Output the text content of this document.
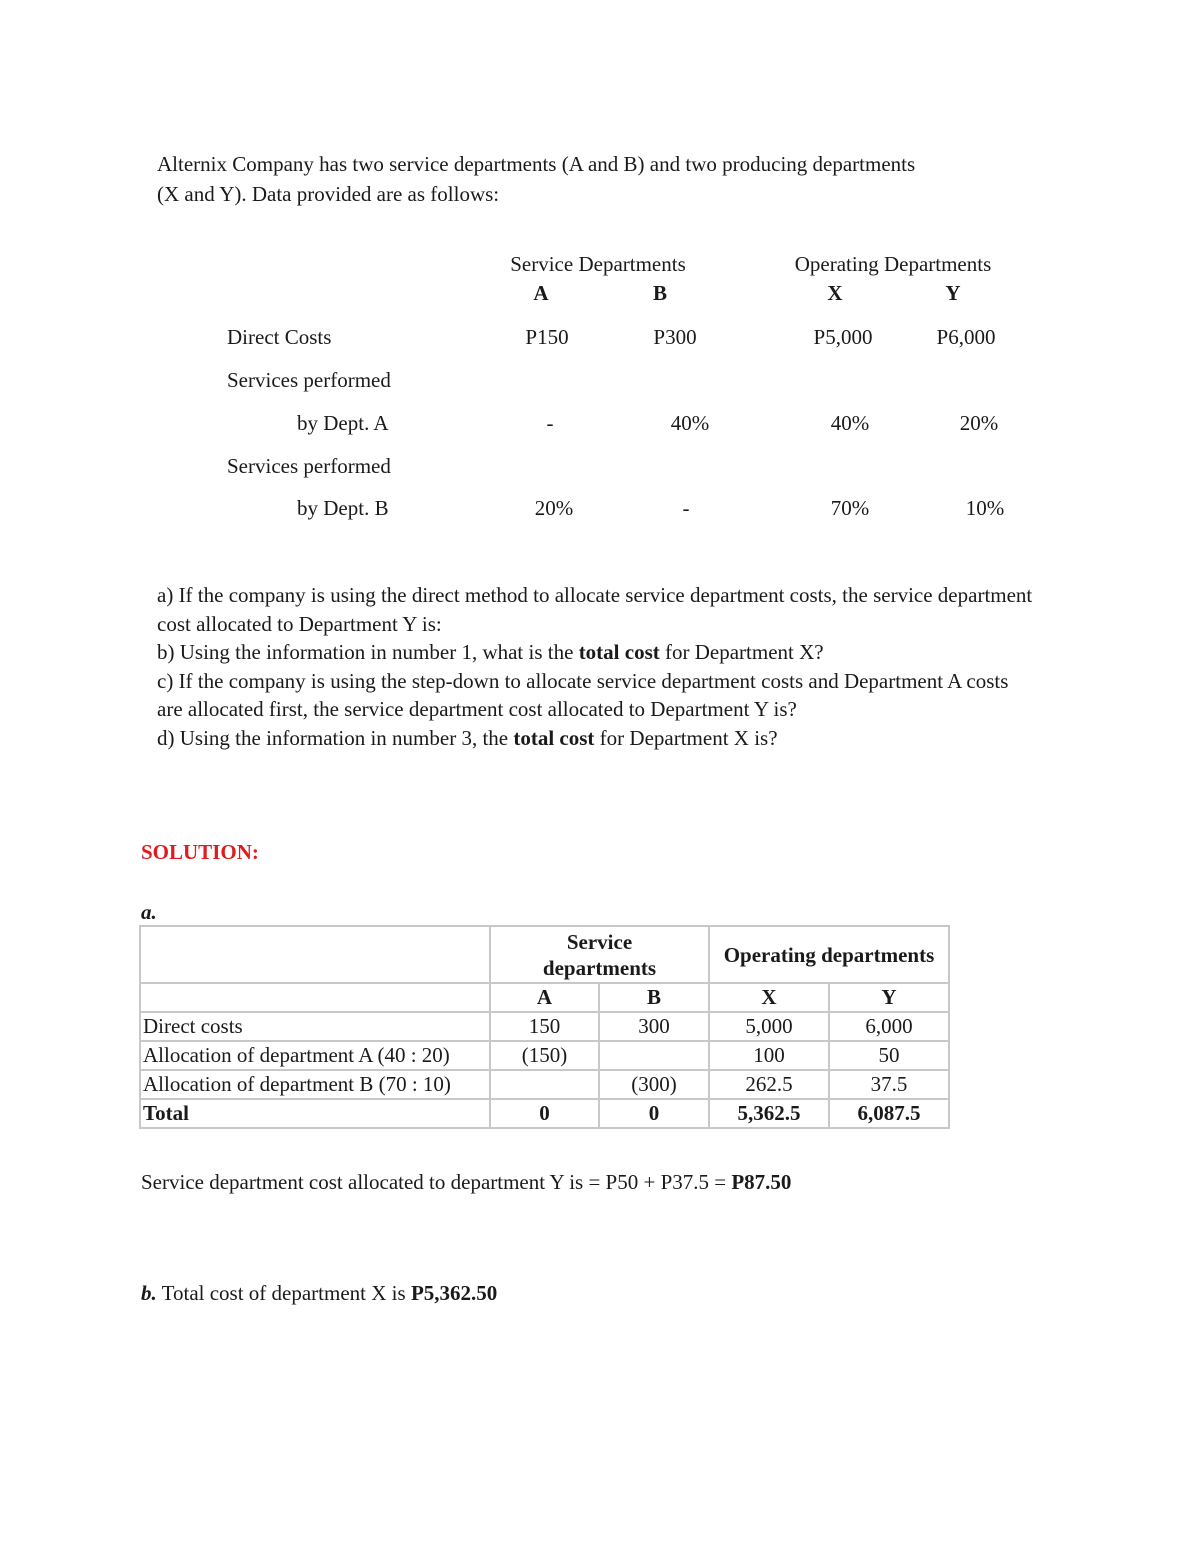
Alternix Company has two service departments (A and B) and two producing departments

(X and Y). Data provided are as follows:

Service Departments	Operating Departments
A	B	X	Y
Direct Costs	P150	P300	P5,000	P6,000
Services performed
by Dept. A	-	40%	40%	20%
Services performed
by Dept. B	20%	-	70%	10%

a) If the company is using the direct method to allocate service department costs, the service department cost allocated to Department Y is:

b) Using the information in number 1, what is the total cost for Department X?

c) If the company is using the step-down to allocate service department costs and Department A costs are allocated first, the service department cost allocated to Department Y is?

d) Using the information in number 3, the total cost for Department X is?

SOLUTION:
a.

	Service departments		Operating departments	
	A	B	X	Y
Direct costs	150	300	5,000	6,000
Allocation of department A (40 : 20)	(150)		100	50
Allocation of department B (70 : 10)		(300)	262.5	37.5
Total	0	0	5,362.5	6,087.5
Service department cost allocated to department Y is = P50 + P37.5 = P87.50
b. Total cost of department X is P5,362.50
